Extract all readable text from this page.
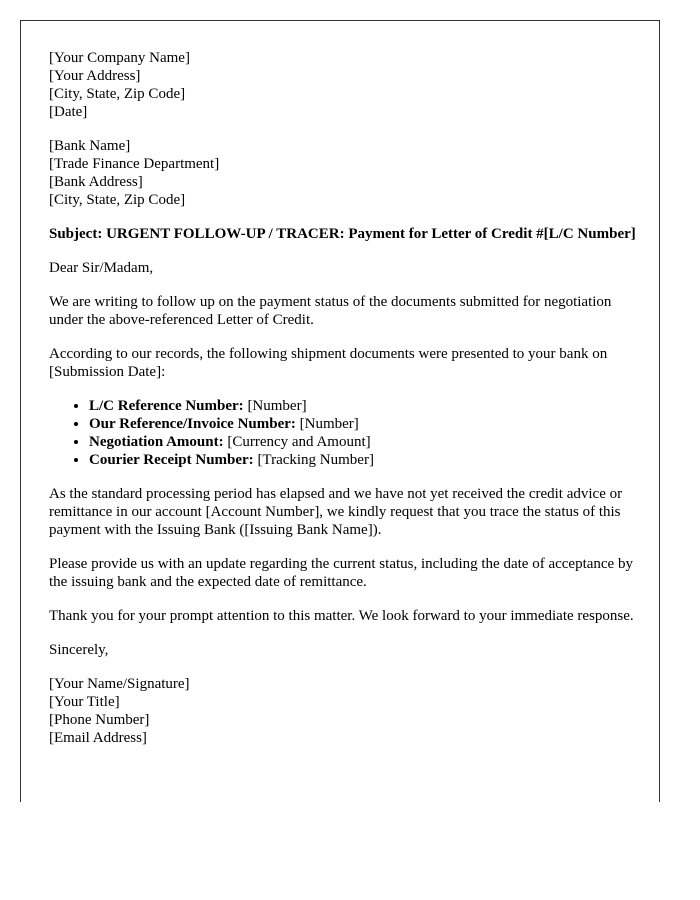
[Your Company Name]
[Your Address]
[City, State, Zip Code]
[Date]
[Bank Name]
[Trade Finance Department]
[Bank Address]
[City, State, Zip Code]

Subject: URGENT FOLLOW-UP / TRACER: Payment for Letter of Credit #[L/C Number]

Dear Sir/Madam,

We are writing to follow up on the payment status of the documents submitted for negotiation under the above-referenced Letter of Credit.

According to our records, the following shipment documents were presented to your bank on [Submission Date]:

• L/C Reference Number: [Number]
• Our Reference/Invoice Number: [Number]
• Negotiation Amount: [Currency and Amount]
• Courier Receipt Number: [Tracking Number]

As the standard processing period has elapsed and we have not yet received the credit advice or remittance in our account [Account Number], we kindly request that you trace the status of this payment with the Issuing Bank ([Issuing Bank Name]).

Please provide us with an update regarding the current status, including the date of acceptance by the issuing bank and the expected date of remittance.

Thank you for your prompt attention to this matter. We look forward to your immediate response.

Sincerely,

[Your Name/Signature]
[Your Title]
[Phone Number]
[Email Address]
